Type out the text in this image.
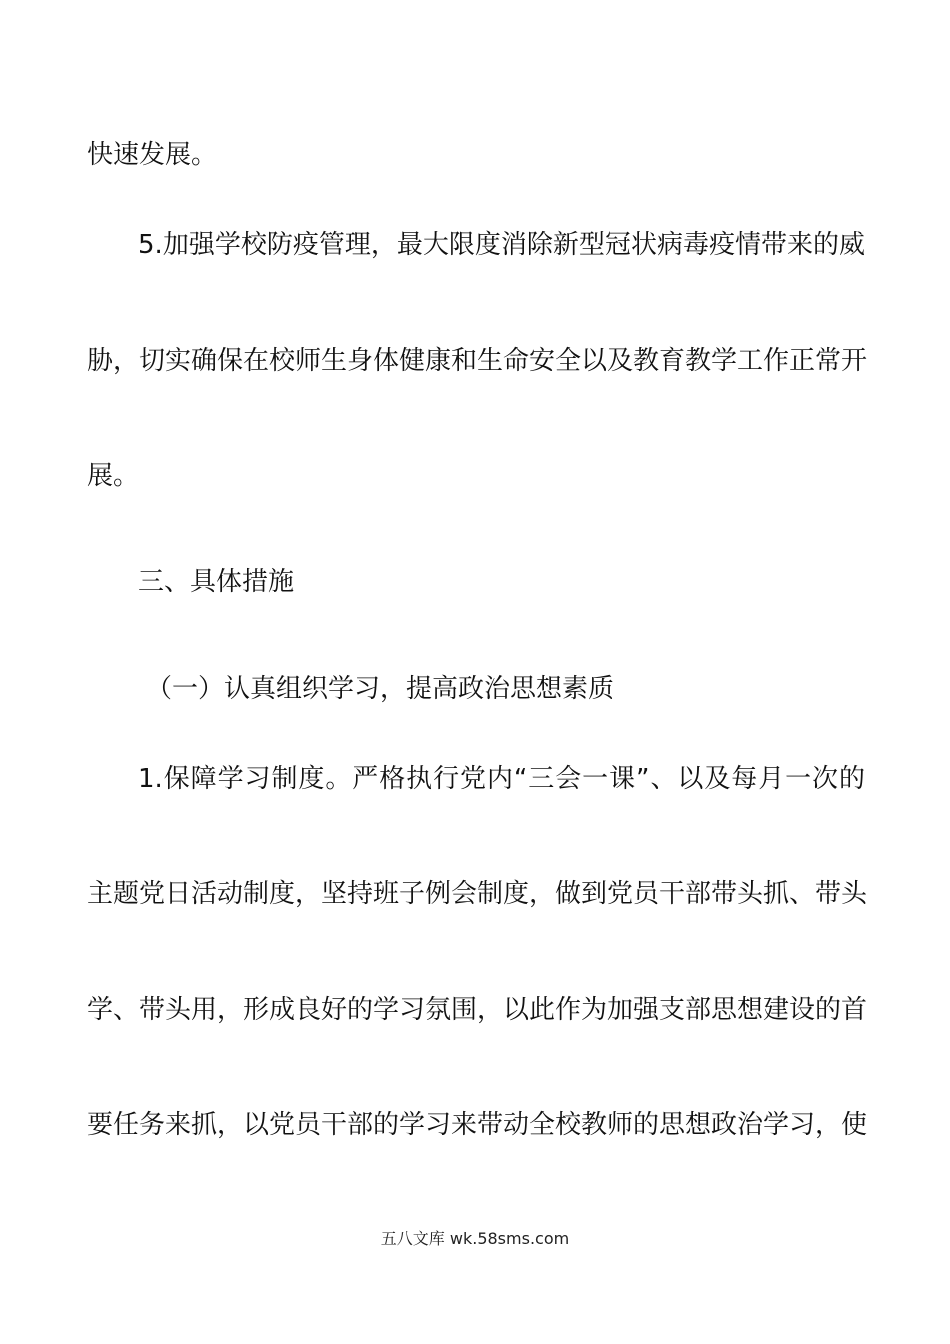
快速发展。
5.加强学校防疫管理，最大限度消除新型冠状病毒疫情带来的威
胁，切实确保在校师生身体健康和生命安全以及教育教学工作正常开
展。
三、具体措施
（一）认真组织学习，提高政治思想素质
1.保障学习制度。严格执行党内“三会一课”、以及每月一次的
主题党日活动制度，坚持班子例会制度，做到党员干部带头抓、带头
学、带头用，形成良好的学习氛围，以此作为加强支部思想建设的首
要任务来抓，以党员干部的学习来带动全校教师的思想政治学习，使
五八文库 wk.58sms.com
